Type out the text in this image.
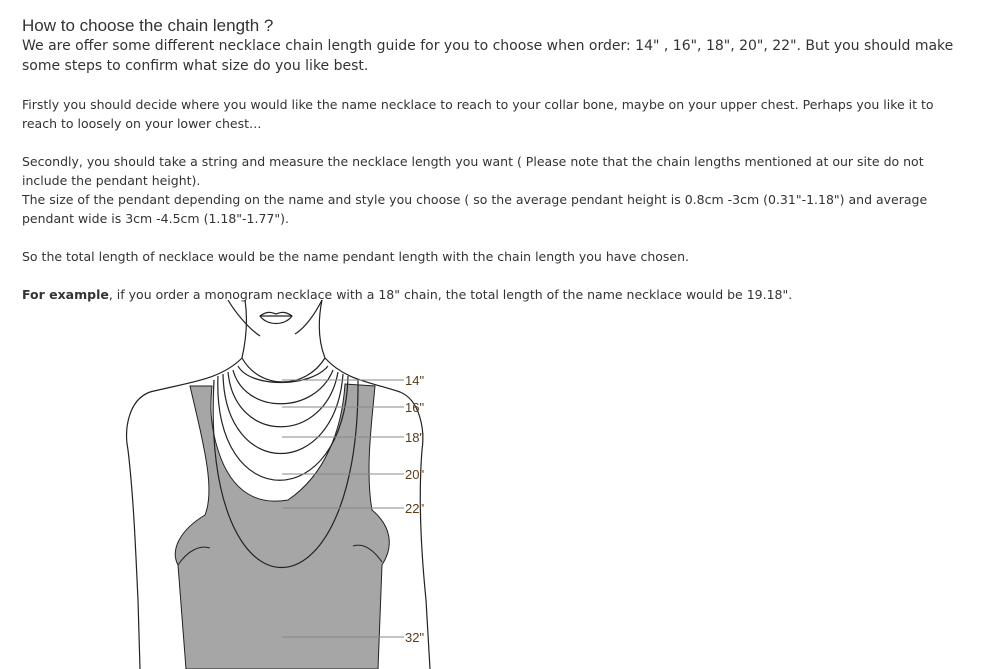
How to choose the chain length ?

We are offer some different necklace chain length guide for you to choose when order: 14" , 16", 18", 20", 22". But you should make some steps to confirm what size do you like best.

Firstly you should decide where you would like the name necklace to reach to your collar bone, maybe on your upper chest. Perhaps you like it to reach to loosely on your lower chest…

Secondly, you should take a string and measure the necklace length you want ( Please note that the chain lengths mentioned at our site do not include the pendant height).

The size of the pendant depending on the name and style you choose ( so the average pendant height is 0.8cm -3cm (0.31"-1.18") and average pendant wide is 3cm -4.5cm (1.18"-1.77").

So the total length of necklace would be the name pendant length with the chain length you have chosen.

For example, if you order a monogram necklace with a 18" chain, the total length of the name necklace would be 19.18".

14"
16"
18"
20"
22"
32"
